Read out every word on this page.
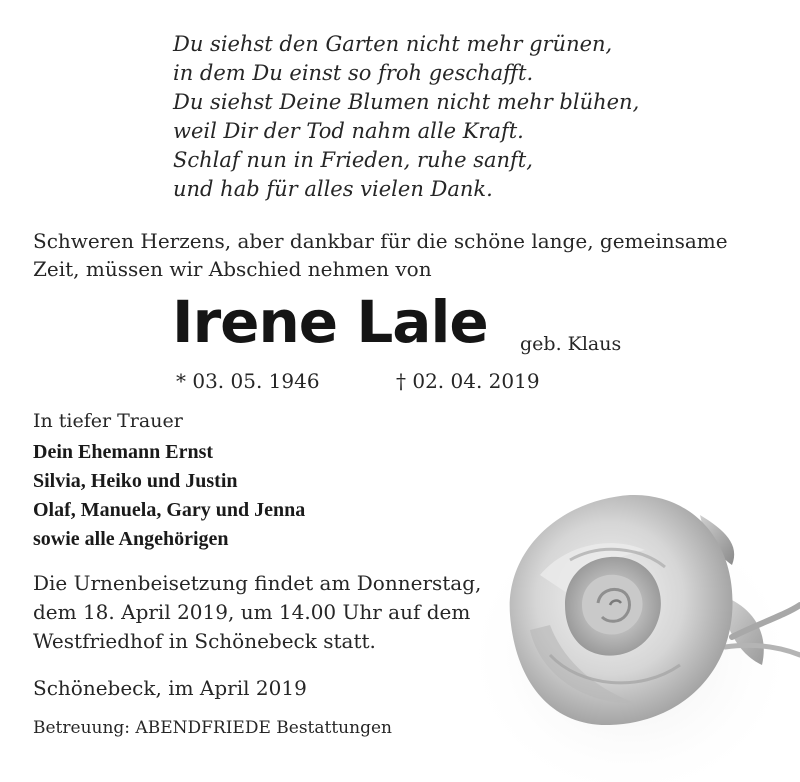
Du siehst den Garten nicht mehr grünen,
in dem Du einst so froh geschafft.
Du siehst Deine Blumen nicht mehr blühen,
weil Dir der Tod nahm alle Kraft.
Schlaf nun in Frieden, ruhe sanft,
und hab für alles vielen Dank.
Schweren Herzens, aber dankbar für die schöne lange, gemeinsame
Zeit, müssen wir Abschied nehmen von
Irene Lale geb. Klaus
* 03. 05. 1946	† 02. 04. 2019
In tiefer Trauer
Dein Ehemann Ernst
Silvia, Heiko und Justin
Olaf, Manuela, Gary und Jenna
sowie alle Angehörigen
Die Urnenbeisetzung findet am Donnerstag,
dem 18. April 2019, um 14.00 Uhr auf dem
Westfriedhof in Schönebeck statt.
Schönebeck, im April 2019
Betreuung: ABENDFRIEDE Bestattungen
